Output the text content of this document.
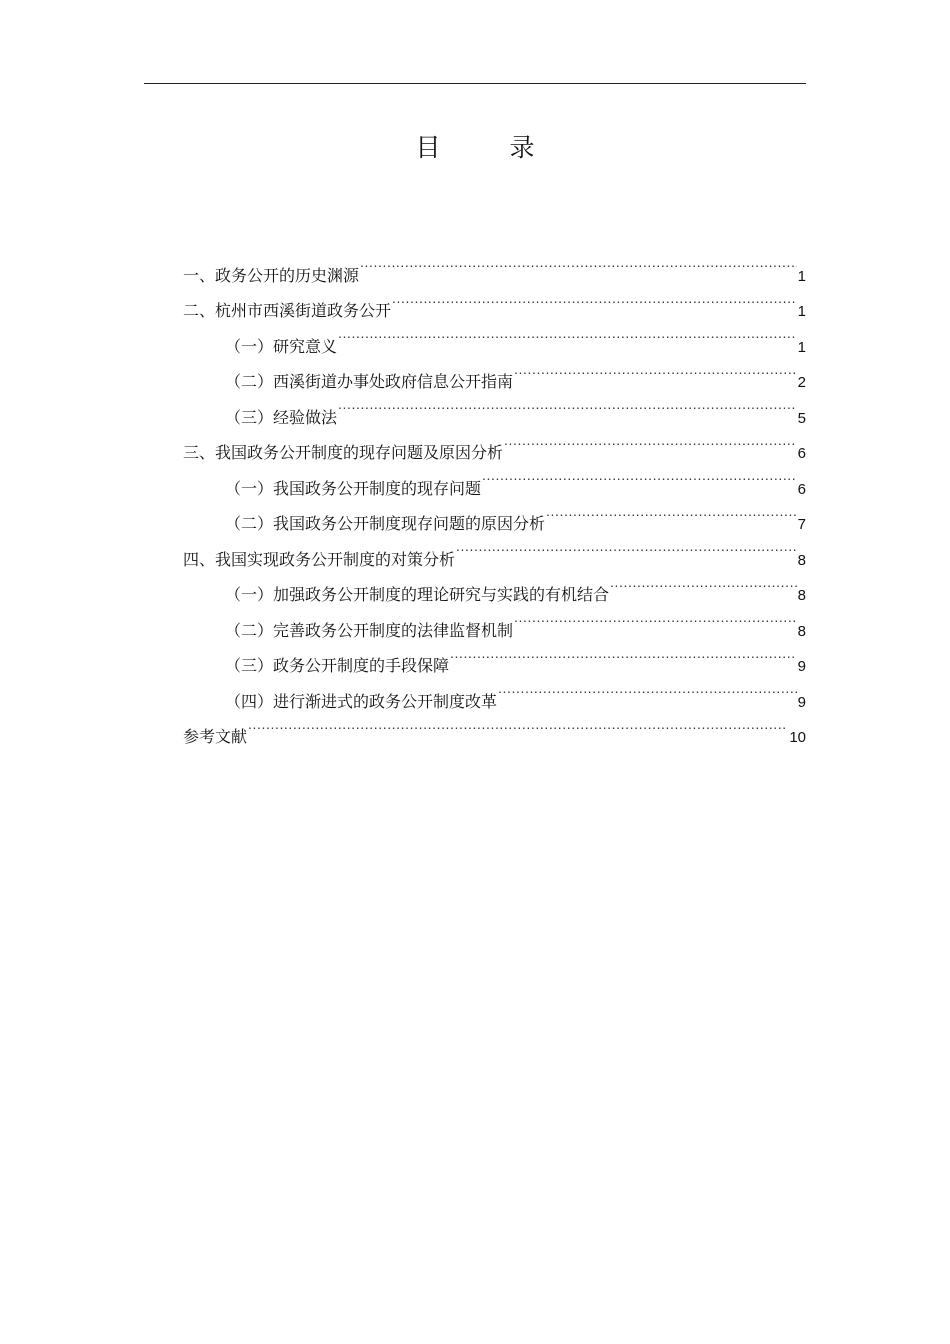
目　录
一、政务公开的历史渊源 .....	1
二、杭州市西溪街道政务公开 .....	1
（一）研究意义 .....	1
（二）西溪街道办事处政府信息公开指南 .....	2
（三）经验做法 .....	5
三、我国政务公开制度的现存问题及原因分析 .....	6
（一）我国政务公开制度的现存问题 .....	6
（二）我国政务公开制度现存问题的原因分析 .....	7
四、我国实现政务公开制度的对策分析 .....	8
（一）加强政务公开制度的理论研究与实践的有机结合 .....	8
（二）完善政务公开制度的法律监督机制 .....	8
（三）政务公开制度的手段保障 .....	9
（四）进行渐进式的政务公开制度改革 .....	9
参考文献 .....	10
